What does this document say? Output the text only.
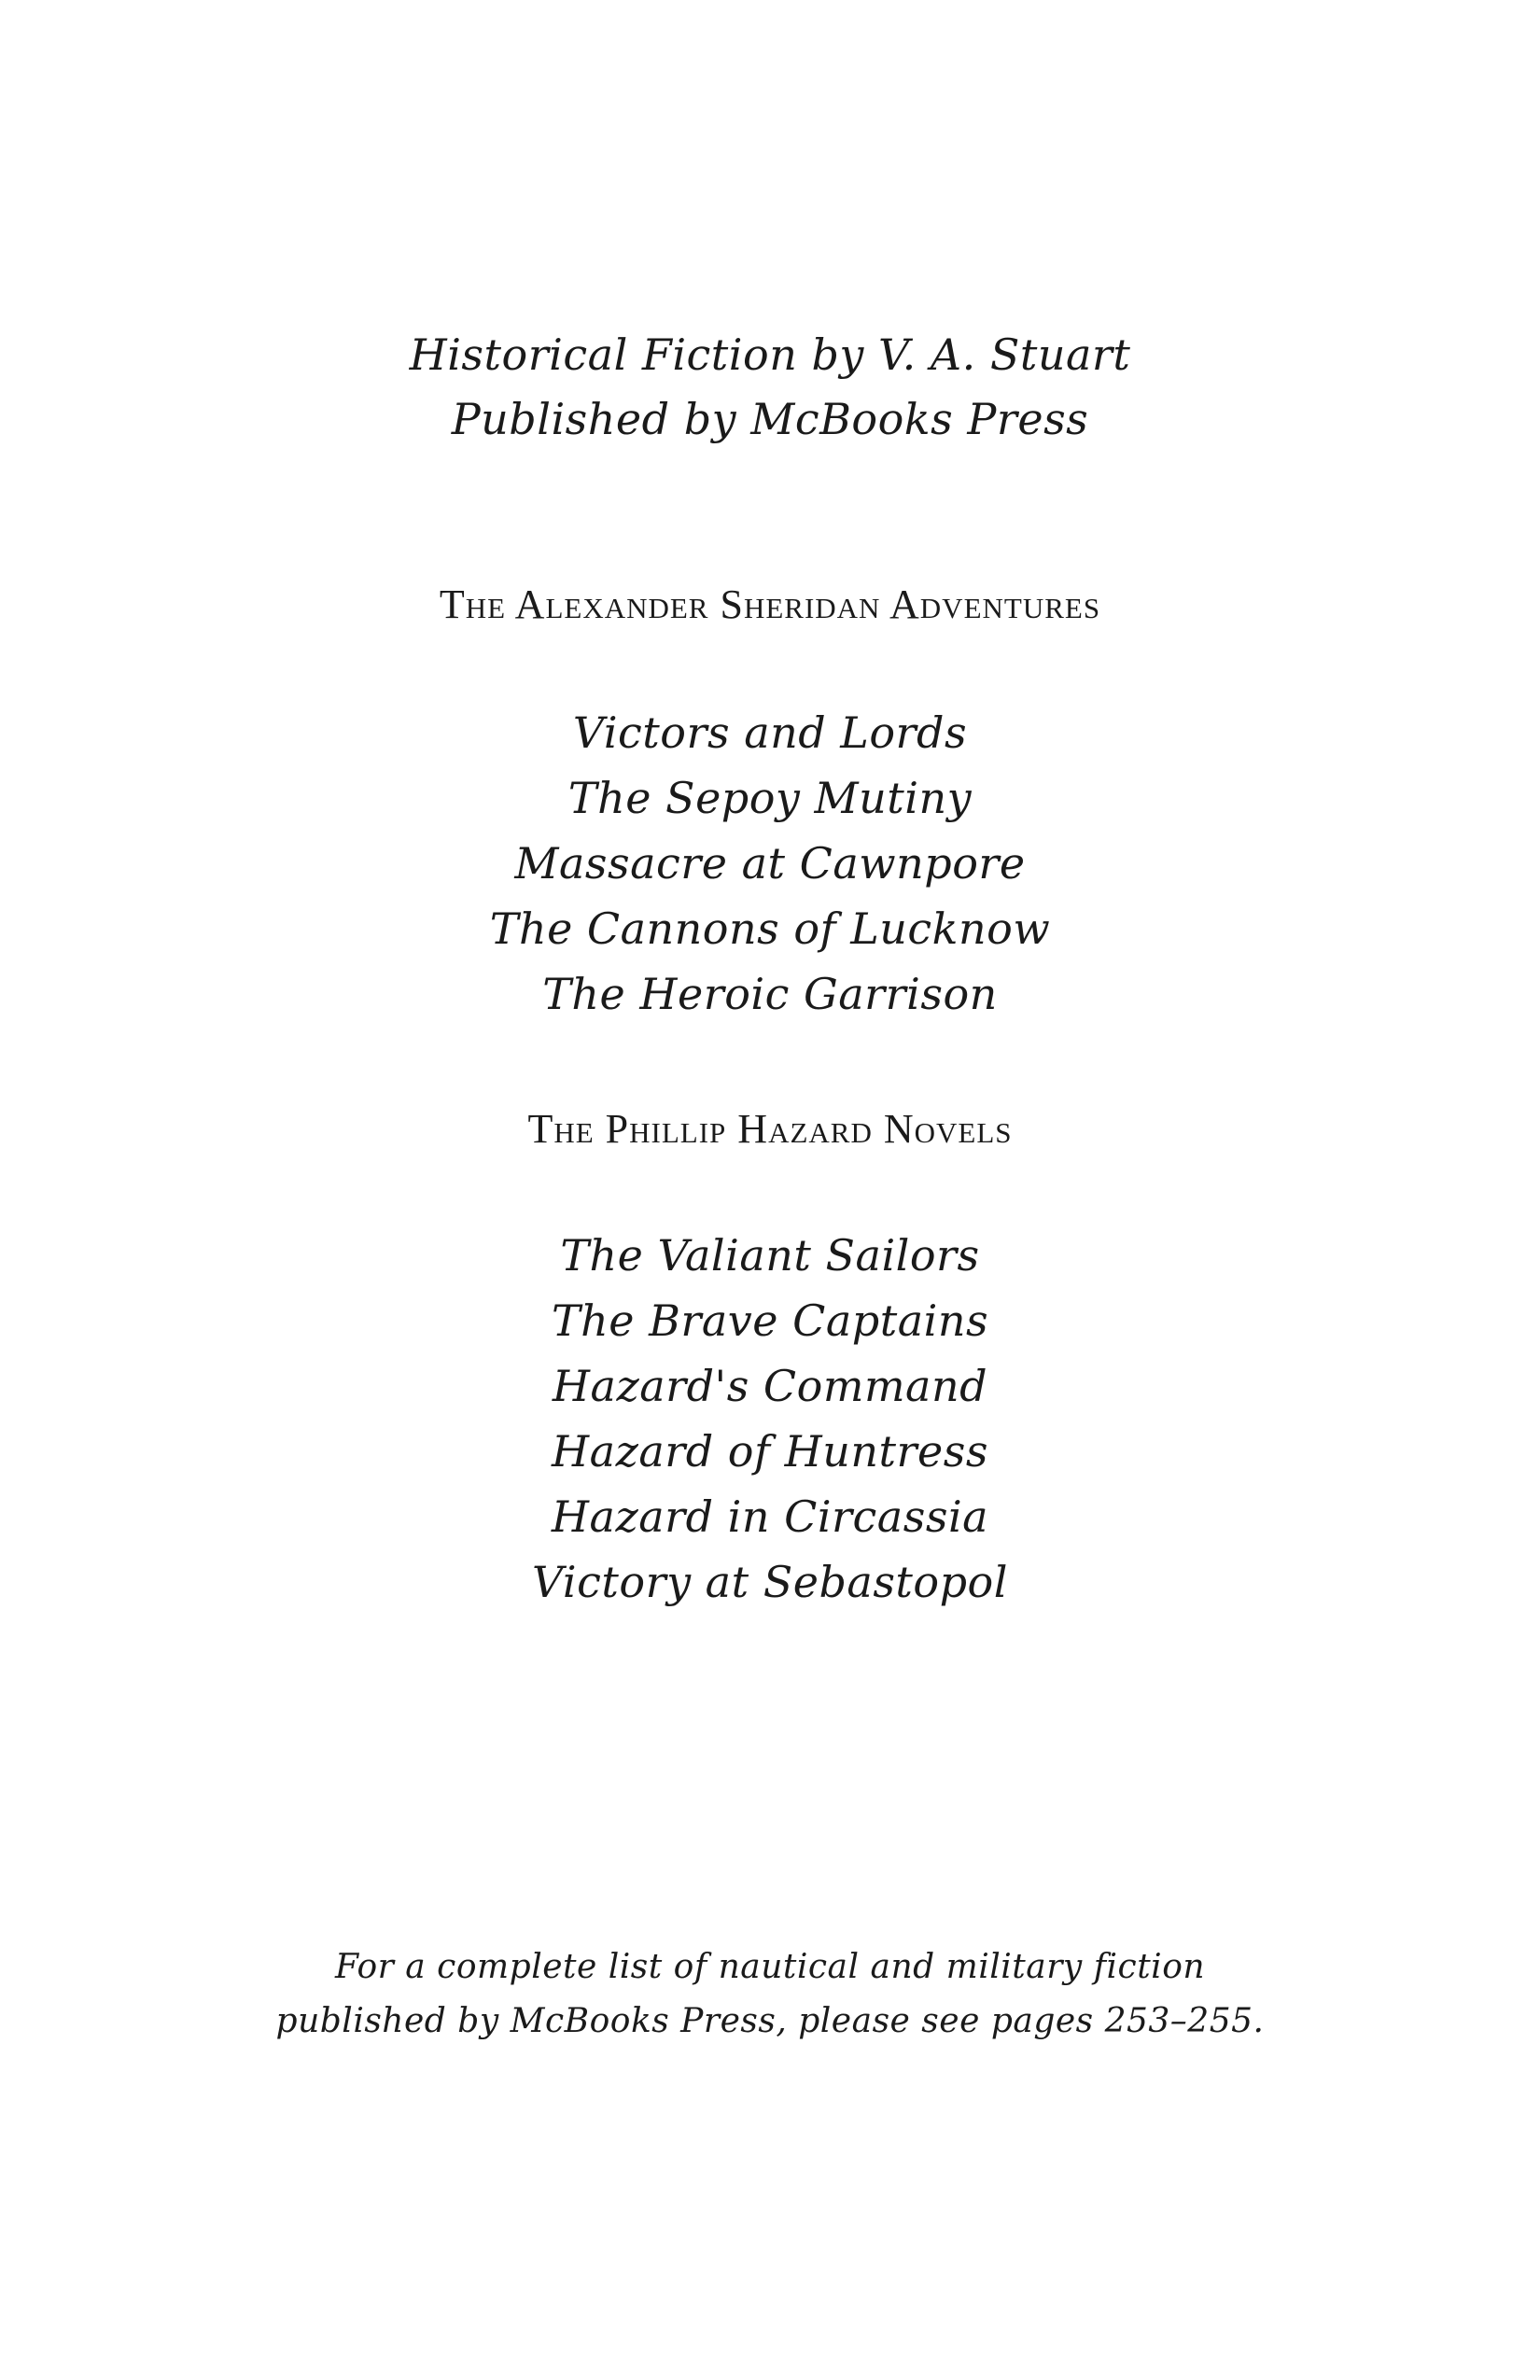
Historical Fiction by V. A. Stuart
Published by McBooks Press
The Alexander Sheridan Adventures
Victors and Lords
The Sepoy Mutiny
Massacre at Cawnpore
The Cannons of Lucknow
The Heroic Garrison
The Phillip Hazard Novels
The Valiant Sailors
The Brave Captains
Hazard's Command
Hazard of Huntress
Hazard in Circassia
Victory at Sebastopol
For a complete list of nautical and military fiction
published by McBooks Press, please see pages 253–255.
